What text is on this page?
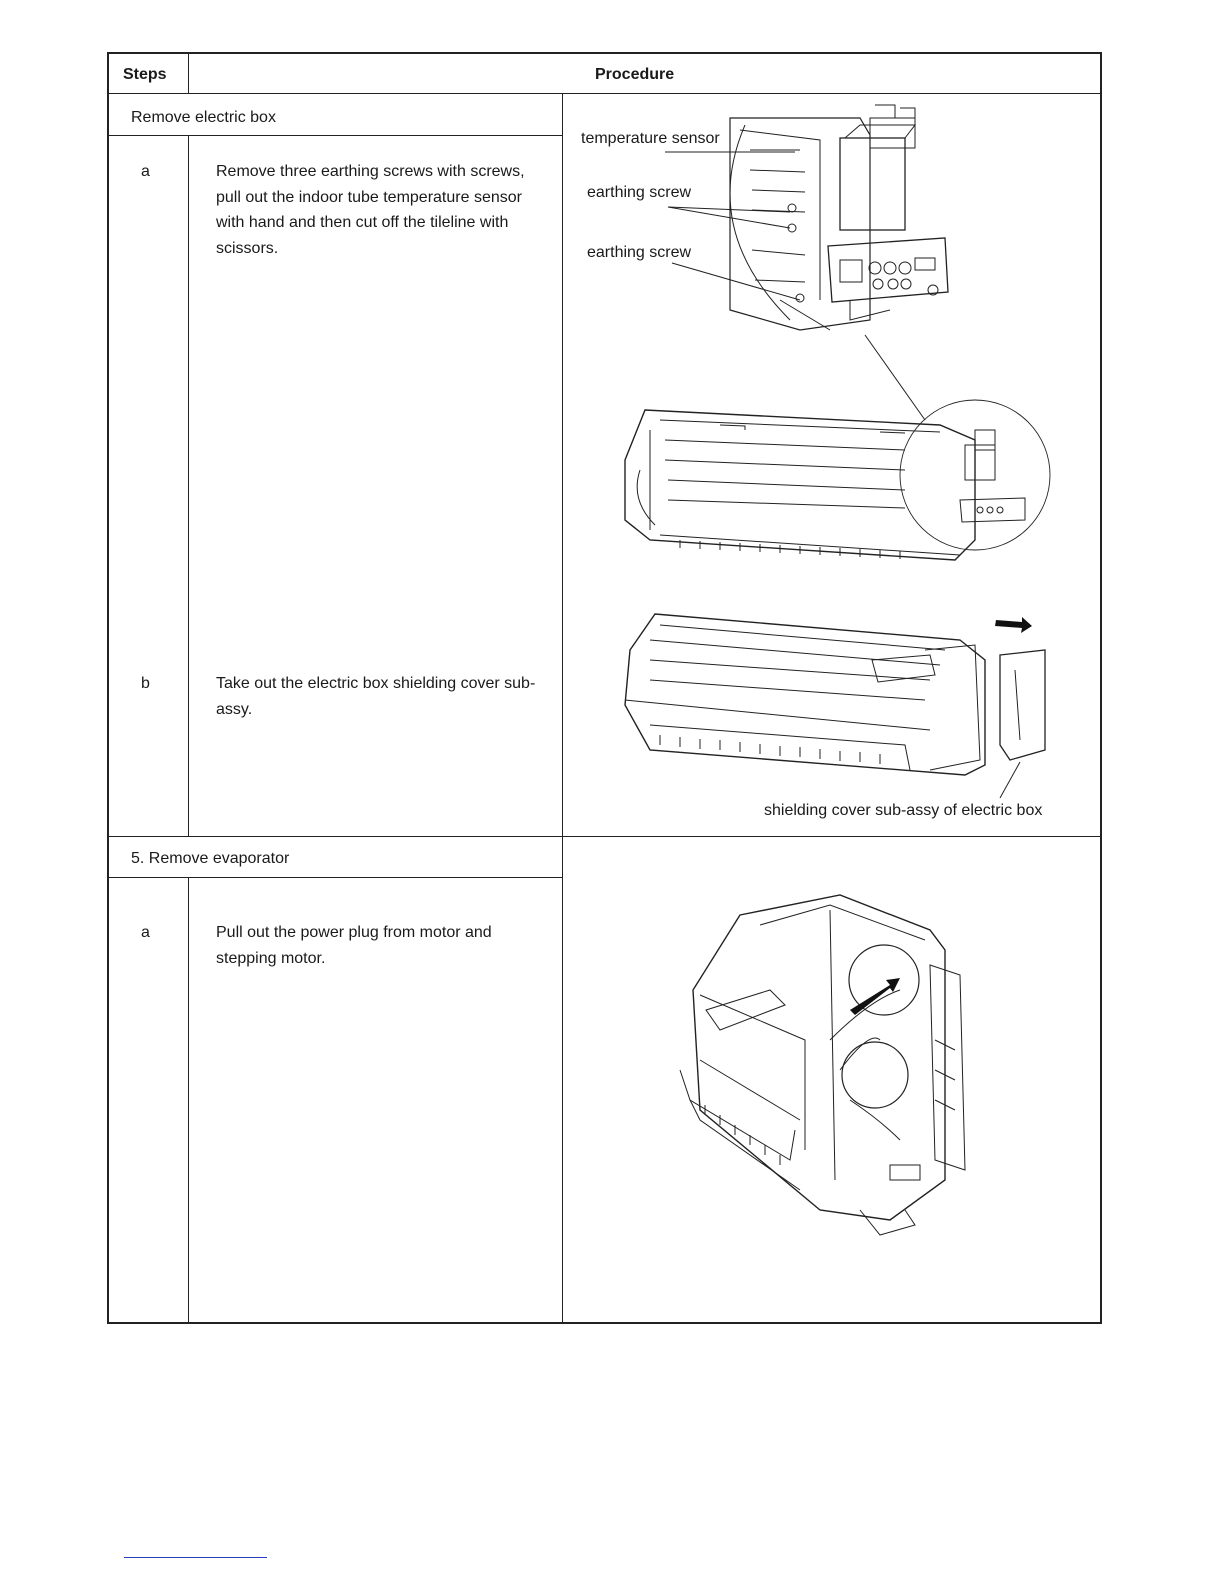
Steps	Procedure
Remove electric box
a	Remove three earthing screws with screws,
pull out the indoor tube temperature sensor
with hand and then cut off the tileline with
scissors.
b	Take out the electric box shielding cover sub-
assy.
5. Remove evaporator
a	Pull out the power plug from motor and
stepping motor.
temperature sensor
earthing screw
earthing screw
shielding cover sub-assy of electric box
